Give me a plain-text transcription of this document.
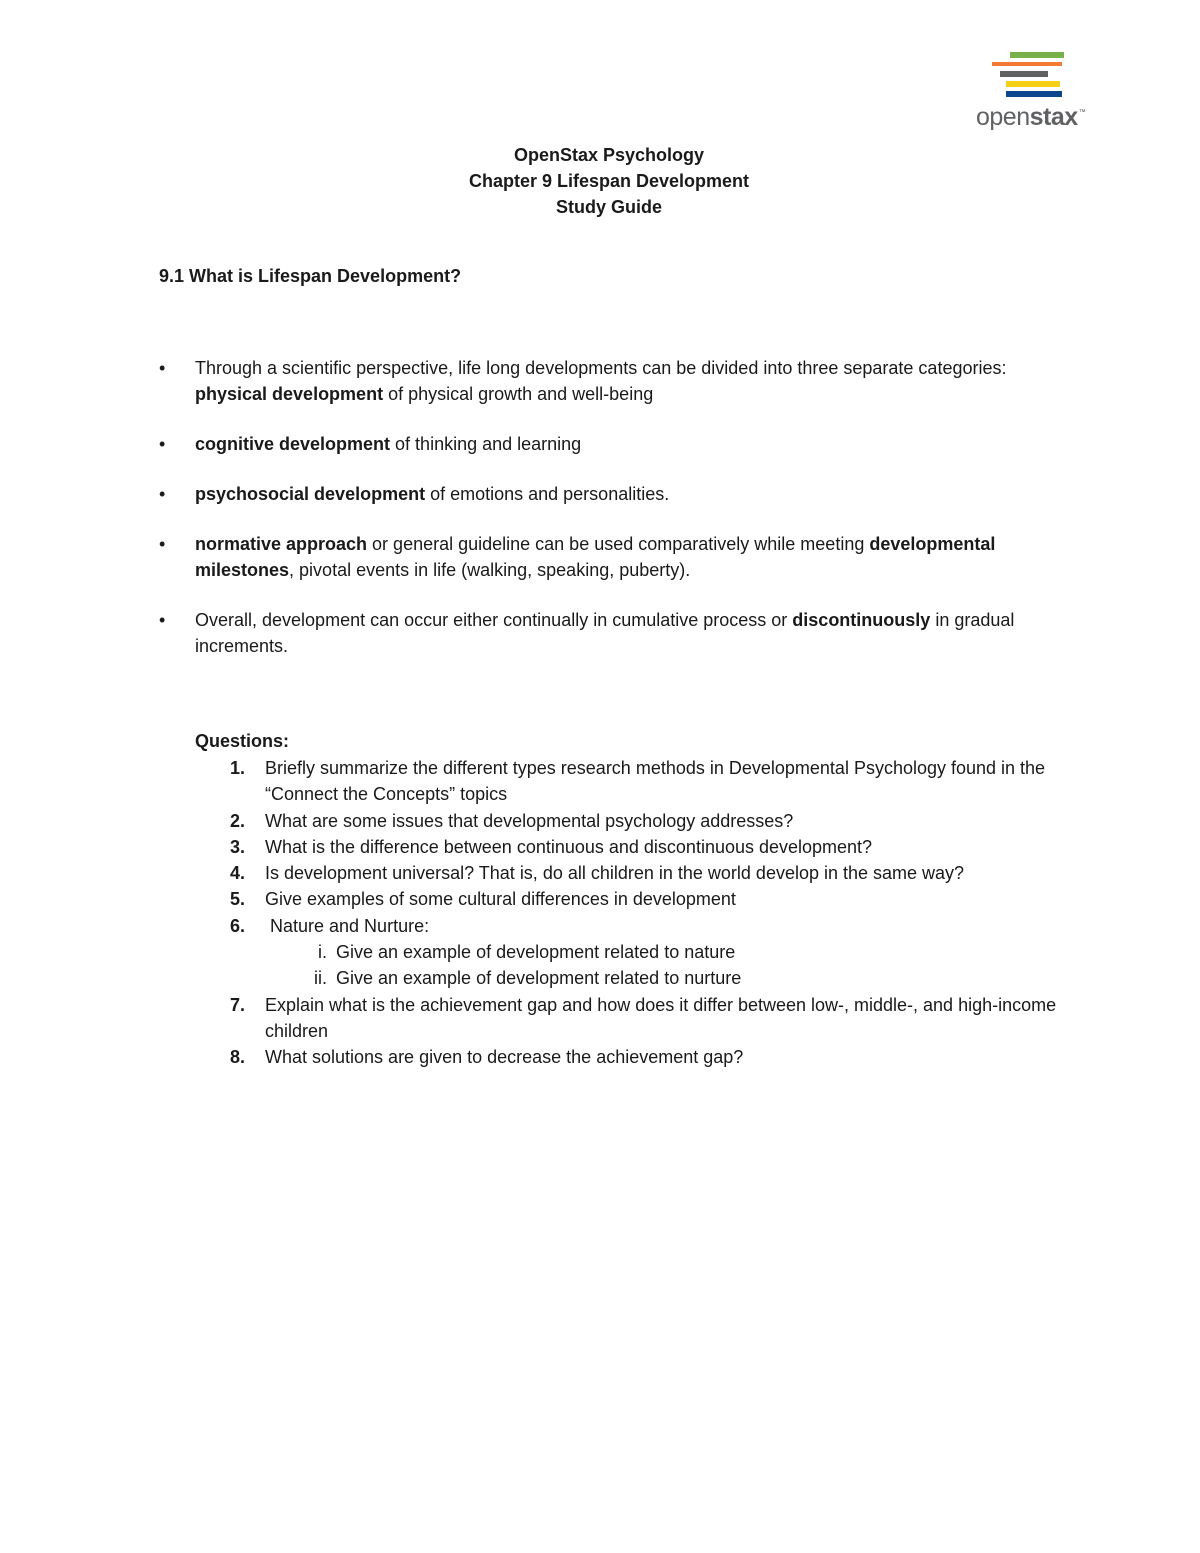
openstax™
OpenStax Psychology
Chapter 9 Lifespan Development
Study Guide
9.1 What is Lifespan Development?
• Through a scientific perspective, life long developments can be divided into three separate categories:
physical development of physical growth and well-being
• cognitive development of thinking and learning
• psychosocial development of emotions and personalities.
• normative approach or general guideline can be used comparatively while meeting developmental milestones, pivotal events in life (walking, speaking, puberty).
• Overall, development can occur either continually in cumulative process or discontinuously in gradual increments.
Questions:
1. Briefly summarize the different types research methods in Developmental Psychology found in the “Connect the Concepts” topics
2. What are some issues that developmental psychology addresses?
3. What is the difference between continuous and discontinuous development?
4. Is development universal? That is, do all children in the world develop in the same way?
5. Give examples of some cultural differences in development
6. Nature and Nurture:
i. Give an example of development related to nature
ii. Give an example of development related to nurture
7. Explain what is the achievement gap and how does it differ between low-, middle-, and high-income children
8. What solutions are given to decrease the achievement gap?
